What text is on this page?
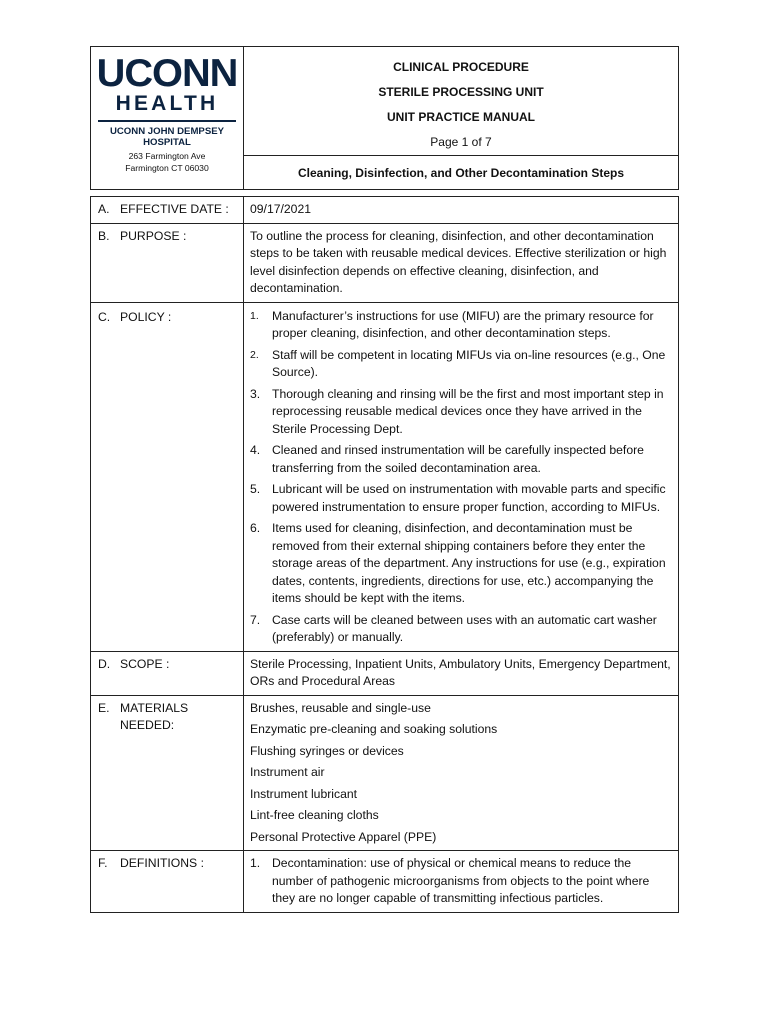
UCONN
HEALTH
UCONN JOHN DEMPSEY
HOSPITAL
263 Farmington Ave
Farmington CT 06030
CLINICAL PROCEDURE
STERILE PROCESSING UNIT
UNIT PRACTICE MANUAL
Page 1 of 7
Cleaning, Disinfection, and Other Decontamination Steps
A. EFFECTIVE DATE :	09/17/2021
B. PURPOSE :	To outline the process for cleaning, disinfection, and other decontamination steps to be taken with reusable medical devices. Effective sterilization or high level disinfection depends on effective cleaning, disinfection, and decontamination.

C. POLICY :	1.	Manufacturer’s instructions for use (MIFU) are the primary resource for proper cleaning, disinfection, and other decontamination steps.
2.	Staff will be competent in locating MIFUs via on-line resources (e.g., One Source).
3. Thorough cleaning and rinsing will be the first and most important step in reprocessing reusable medical devices once they have arrived in the Sterile Processing Dept.
4. Cleaned and rinsed instrumentation will be carefully inspected before transferring from the soiled decontamination area.
5. Lubricant will be used on instrumentation with movable parts and specific powered instrumentation to ensure proper function, according to MIFUs.
6. Items used for cleaning, disinfection, and decontamination must be removed from their external shipping containers before they enter the storage areas of the department. Any instructions for use (e.g., expiration dates, contents, ingredients, directions for use, etc.) accompanying the items should be kept with the items.
7. Case carts will be cleaned between uses with an automatic cart washer (preferably) or manually.
D. SCOPE :	Sterile Processing, Inpatient Units, Ambulatory Units, Emergency Department, ORs and Procedural Areas

E. MATERIALS
NEEDED:
Brushes, reusable and single-use
Enzymatic pre-cleaning and soaking solutions
Flushing syringes or devices
Instrument air
Instrument lubricant
Lint-free cleaning cloths
Personal Protective Apparel (PPE)
F.	DEFINITIONS :	1. Decontamination: use of physical or chemical means to reduce the number of pathogenic microorganisms from objects to the point where they are no longer capable of transmitting infectious particles.
